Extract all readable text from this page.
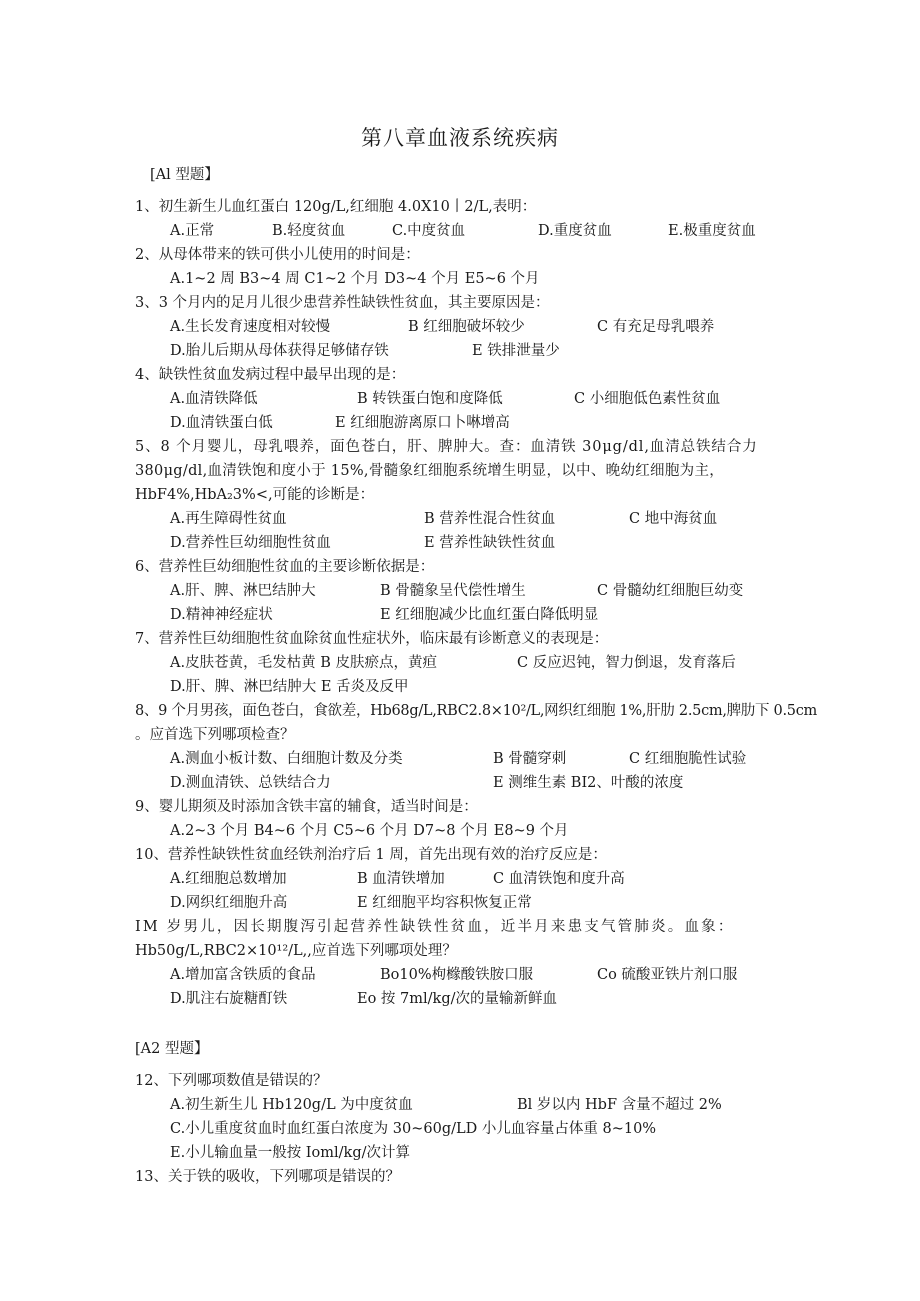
第八章血液系统疾病
[Al 型题】
1、初生新生儿血红蛋白 120g/L,红细胞 4.0X10丨2/L,表明：
A.正常	B.轻度贫血	C.中度贫血	D.重度贫血	E.极重度贫血
2、从母体带来的铁可供小儿使用的时间是：
A.1~2 周 B3~4 周 C1~2 个月 D3~4 个月 E5~6 个月
3、3 个月内的足月儿很少患营养性缺铁性贫血，其主要原因是：
A.生长发育速度相对较慢	B 红细胞破坏较少	C 有充足母乳喂养
D.胎儿后期从母体获得足够储存铁	E 铁排泄量少
4、缺铁性贫血发病过程中最早出现的是：
A.血清铁降低	B 转铁蛋白饱和度降低	C 小细胞低色素性贫血
D.血清铁蛋白低	E 红细胞游离原口卜啉增高
5、8 个月婴儿，母乳喂养，面色苍白，肝、脾肿大。查：血清铁 30μg/dl,血清总铁结合力
380μg/dl,血清铁饱和度小于 15%,骨髓象红细胞系统增生明显，以中、晚幼红细胞为主，
HbF4%,HbA₂3%<,可能的诊断是：
A.再生障碍性贫血	B 营养性混合性贫血	C 地中海贫血
D.营养性巨幼细胞性贫血	E 营养性缺铁性贫血
6、营养性巨幼细胞性贫血的主要诊断依据是：
A.肝、脾、淋巴结肿大	B 骨髓象呈代偿性增生	C 骨髓幼红细胞巨幼变
D.精神神经症状	E 红细胞减少比血红蛋白降低明显
7、营养性巨幼细胞性贫血除贫血性症状外，临床最有诊断意义的表现是：
A.皮肤苍黄，毛发枯黄 B 皮肤瘀点，黄疸	C 反应迟钝，智力倒退，发育落后
D.肝、脾、淋巴结肿大 E 舌炎及反甲
8、9 个月男孩，面色苍白，食欲差，Hb68g/L,RBC2.8×10²/L,网织红细胞 1%,肝肋 2.5cm,脾肋下 0.5cm
。应首选下列哪项检查？
A.测血小板计数、白细胞计数及分类	B 骨髓穿刺	C 红细胞脆性试验
D.测血清铁、总铁结合力	E 测维生素 BI2、叶酸的浓度
9、婴儿期须及时添加含铁丰富的辅食，适当时间是：
A.2~3 个月 B4~6 个月 C5~6 个月 D7~8 个月 E8~9 个月
10、营养性缺铁性贫血经铁剂治疗后 1 周，首先出现有效的治疗反应是：
A.红细胞总数增加	B 血清铁增加	C 血清铁饱和度升高
D.网织红细胞升高	E 红细胞平均容积恢复正常
IM 岁男儿，因长期腹泻引起营养性缺铁性贫血，近半月来患支气管肺炎。血象：
Hb50g/L,RBC2×10¹²/L,,应首选下列哪项处理？
A.增加富含铁质的食品	Bo10%枸橼酸铁胺口服	Co 硫酸亚铁片剂口服
D.肌注右旋糖酊铁	Eo 按 7ml/kg/次的量输新鲜血
[A2 型题】
12、下列哪项数值是错误的？
A.初生新生儿 Hb120g/L 为中度贫血	Bl 岁以内 HbF 含量不超过 2%
C.小儿重度贫血时血红蛋白浓度为 30~60g/LD 小儿血容量占体重 8~10%
E.小儿输血量一般按 Ioml/kg/次计算
13、关于铁的吸收，下列哪项是错误的？
